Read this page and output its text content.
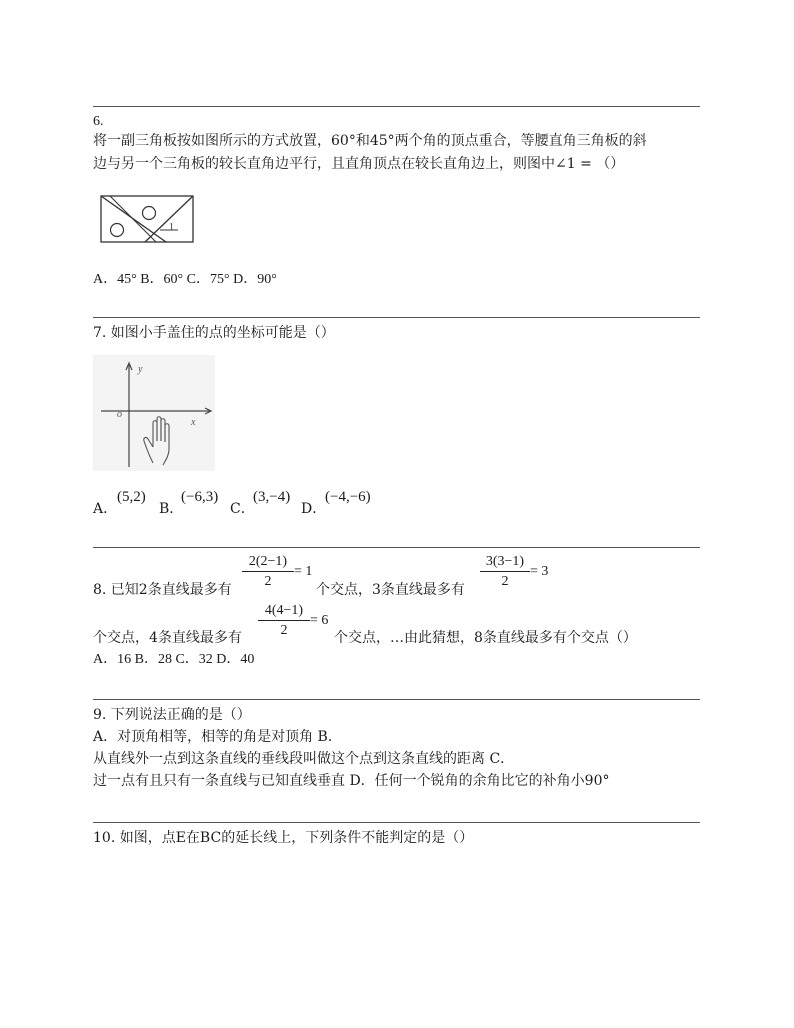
6.
将一副三角板按如图所示的方式放置，60°和45°两个角的顶点重合，等腰直角三角板的斜
边与另一个三角板的较长直角边平行，且直角顶点在较长直角边上，则图中∠1 = （）
1
A．45° B．60° C．75° D．90°
7. 如图小手盖住的点的坐标可能是（）
y
x
o
A．
(5,2)
B．
(−6,3)
C．
(3,−4)
D．
(−4,−6)
2(2−1)
2
= 1
3(3−1)
2
= 3
8. 已知2条直线最多有	个交点，3条直线最多有
4(4−1)
2
= 6
个交点，4条直线最多有	个交点，…由此猜想，8条直线最多有个交点（）
A．16 B．28 C．32 D．40
9. 下列说法正确的是（）
A．对顶角相等，相等的角是对顶角 B．
从直线外一点到这条直线的垂线段叫做这个点到这条直线的距离 C．
过一点有且只有一条直线与已知直线垂直 D．任何一个锐角的余角比它的补角小90°
10. 如图，点E在BC的延长线上，下列条件不能判定的是（）
